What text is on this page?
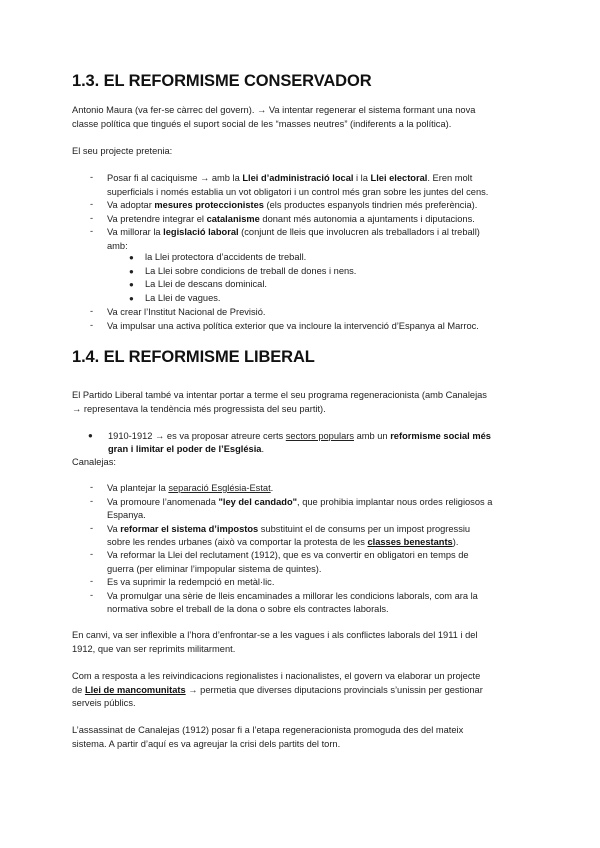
1.3. EL REFORMISME CONSERVADOR

Antonio Maura (va fer-se càrrec del govern). → Va intentar regenerar el sistema formant una nova

classe política que tingués el suport social de les “masses neutres” (indiferents a la política).

El seu projecte pretenia:

- Posar fi al caciquisme → amb la Llei d’administració local i la Llei electoral. Eren molt
superficials i només establia un vot obligatori i un control més gran sobre les juntes del cens.
- Va adoptar mesures proteccionistes (els productes espanyols tindrien més preferència).
- Va pretendre integrar el catalanisme donant més autonomia a ajuntaments i diputacions.
- Va millorar la legislació laboral (conjunt de lleis que involucren als treballadors i al treball)
amb:
● la Llei protectora d’accidents de treball.
● La Llei sobre condicions de treball de dones i nens.
● La Llei de descans dominical.
● La Llei de vagues.
- Va crear l’Institut Nacional de Previsió.
- Va impulsar una activa política exterior que va incloure la intervenció d’Espanya al Marroc.
1.4. EL REFORMISME LIBERAL

El Partido Liberal també va intentar portar a terme el seu programa regeneracionista (amb Canalejas

→ representava la tendència més progressista del seu partit).

● 1910-1912 → es va proposar atreure certs sectors populars amb un reformisme social més
gran i limitar el poder de l’Església.

Canalejas:

- Va plantejar la separació Església-Estat.
- Va promoure l’anomenada "ley del candado", que prohibia implantar nous ordes religiosos a
Espanya.
- Va reformar el sistema d’impostos substituint el de consums per un impost progressiu
sobre les rendes urbanes (això va comportar la protesta de les classes benestants).
- Va reformar la Llei del reclutament (1912), que es va convertir en obligatori en temps de
guerra (per eliminar l’impopular sistema de quintes).
- Es va suprimir la redempció en metàl·lic.
- Va promulgar una sèrie de lleis encaminades a millorar les condicions laborals, com ara la
normativa sobre el treball de la dona o sobre els contractes laborals.

En canvi, va ser inflexible a l’hora d’enfrontar-se a les vagues i als conflictes laborals del 1911 i del

1912, que van ser reprimits militarment.

Com a resposta a les reivindicacions regionalistes i nacionalistes, el govern va elaborar un projecte

de Llei de mancomunitats → permetia que diverses diputacions provincials s’unissin per gestionar

serveis públics.

L’assassinat de Canalejas (1912) posar fi a l’etapa regeneracionista promoguda des del mateix

sistema. A partir d’aquí es va agreujar la crisi dels partits del torn.
